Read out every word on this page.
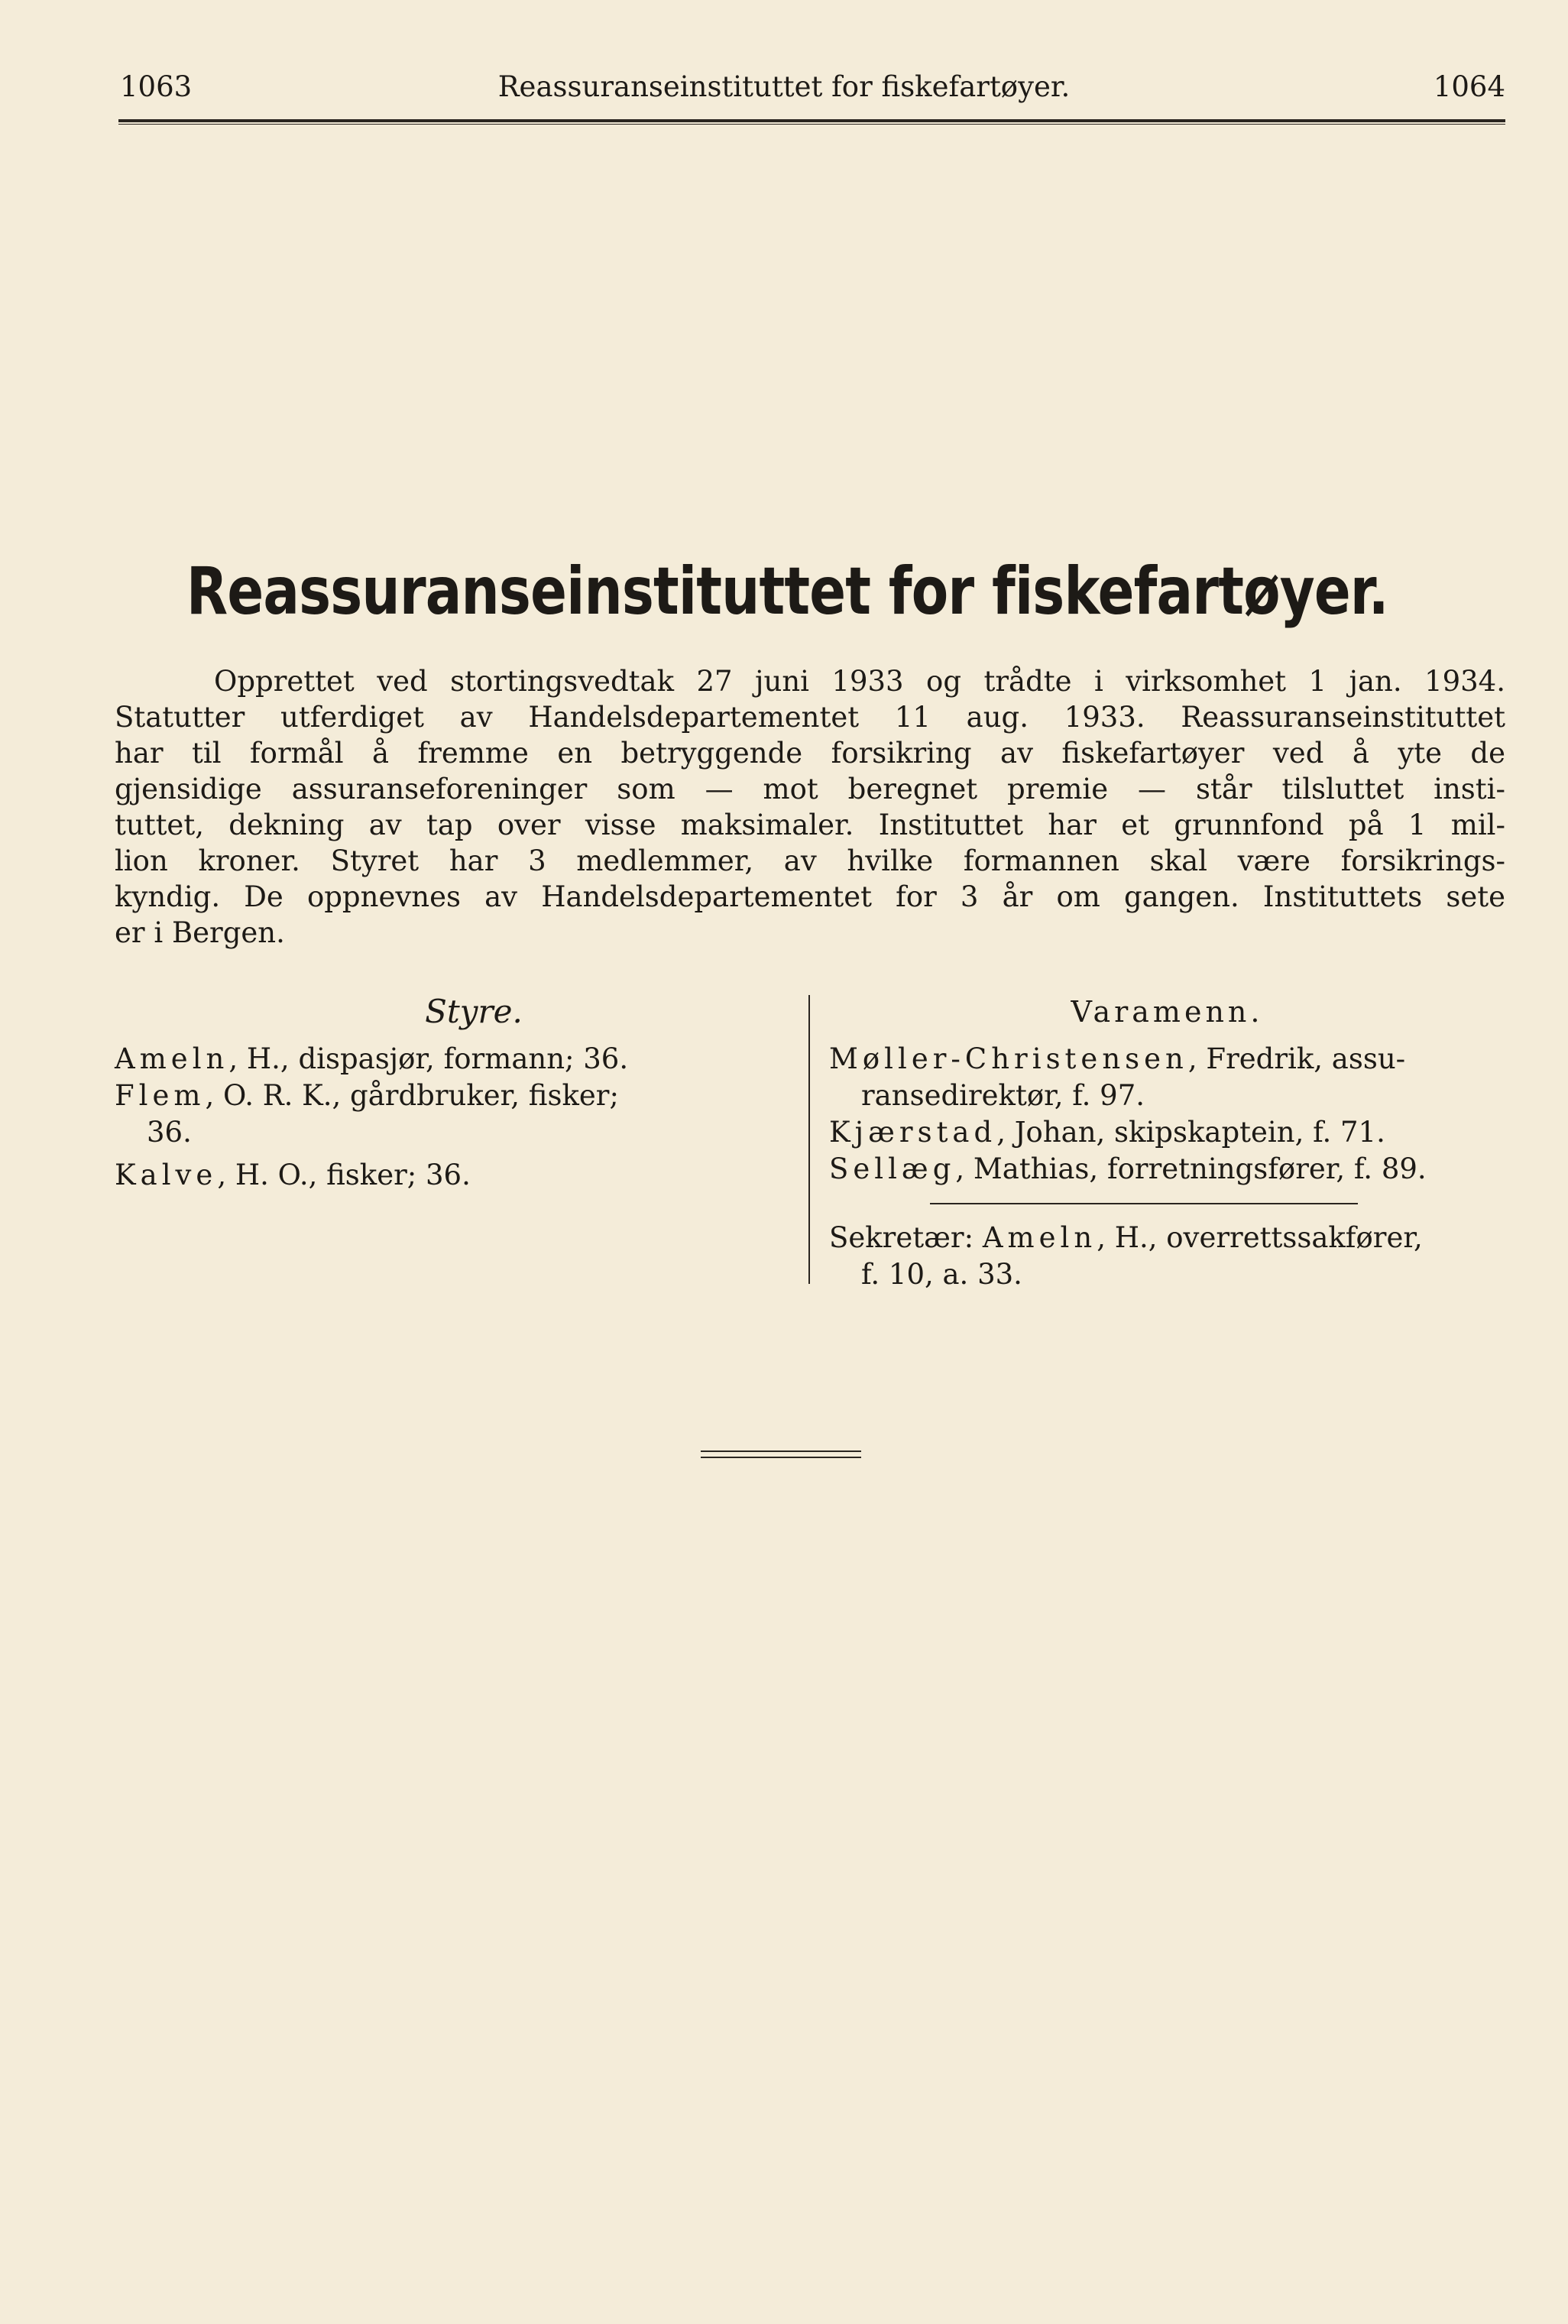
1063	Reassuranseinstituttet for fiskefartøyer.	1064
Reassuranseinstituttet for fiskefartøyer.
Opprettet ved stortingsvedtak 27 juni 1933 og trådte i virksomhet 1 jan. 1934.
Statutter utferdiget av Handelsdepartementet 11 aug. 1933. Reassuranseinstituttet
har til formål å fremme en betryggende forsikring av fiskefartøyer ved å yte de
gjensidige assuranseforeninger som — mot beregnet premie — står tilsluttet insti-
tuttet, dekning av tap over visse maksimaler. Instituttet har et grunnfond på 1 mil-
lion kroner. Styret har 3 medlemmer, av hvilke formannen skal være forsikrings-
kyndig. De oppnevnes av Handelsdepartementet for 3 år om gangen. Instituttets sete
er i Bergen.
Styre.
Ameln, H., dispasjør, formann; 36.
Flem, O. R. K., gårdbruker, fisker;
36.
Kalve, H. O., fisker; 36.
Varamenn.
Møller-Christensen, Fredrik, assu-
ransedirektør, f. 97.
Kjærstad, Johan, skipskaptein, f. 71.
Sellæg, Mathias, forretningsfører, f. 89.
Sekretær: Ameln, H., overrettssakfører,
f. 10, a. 33.
